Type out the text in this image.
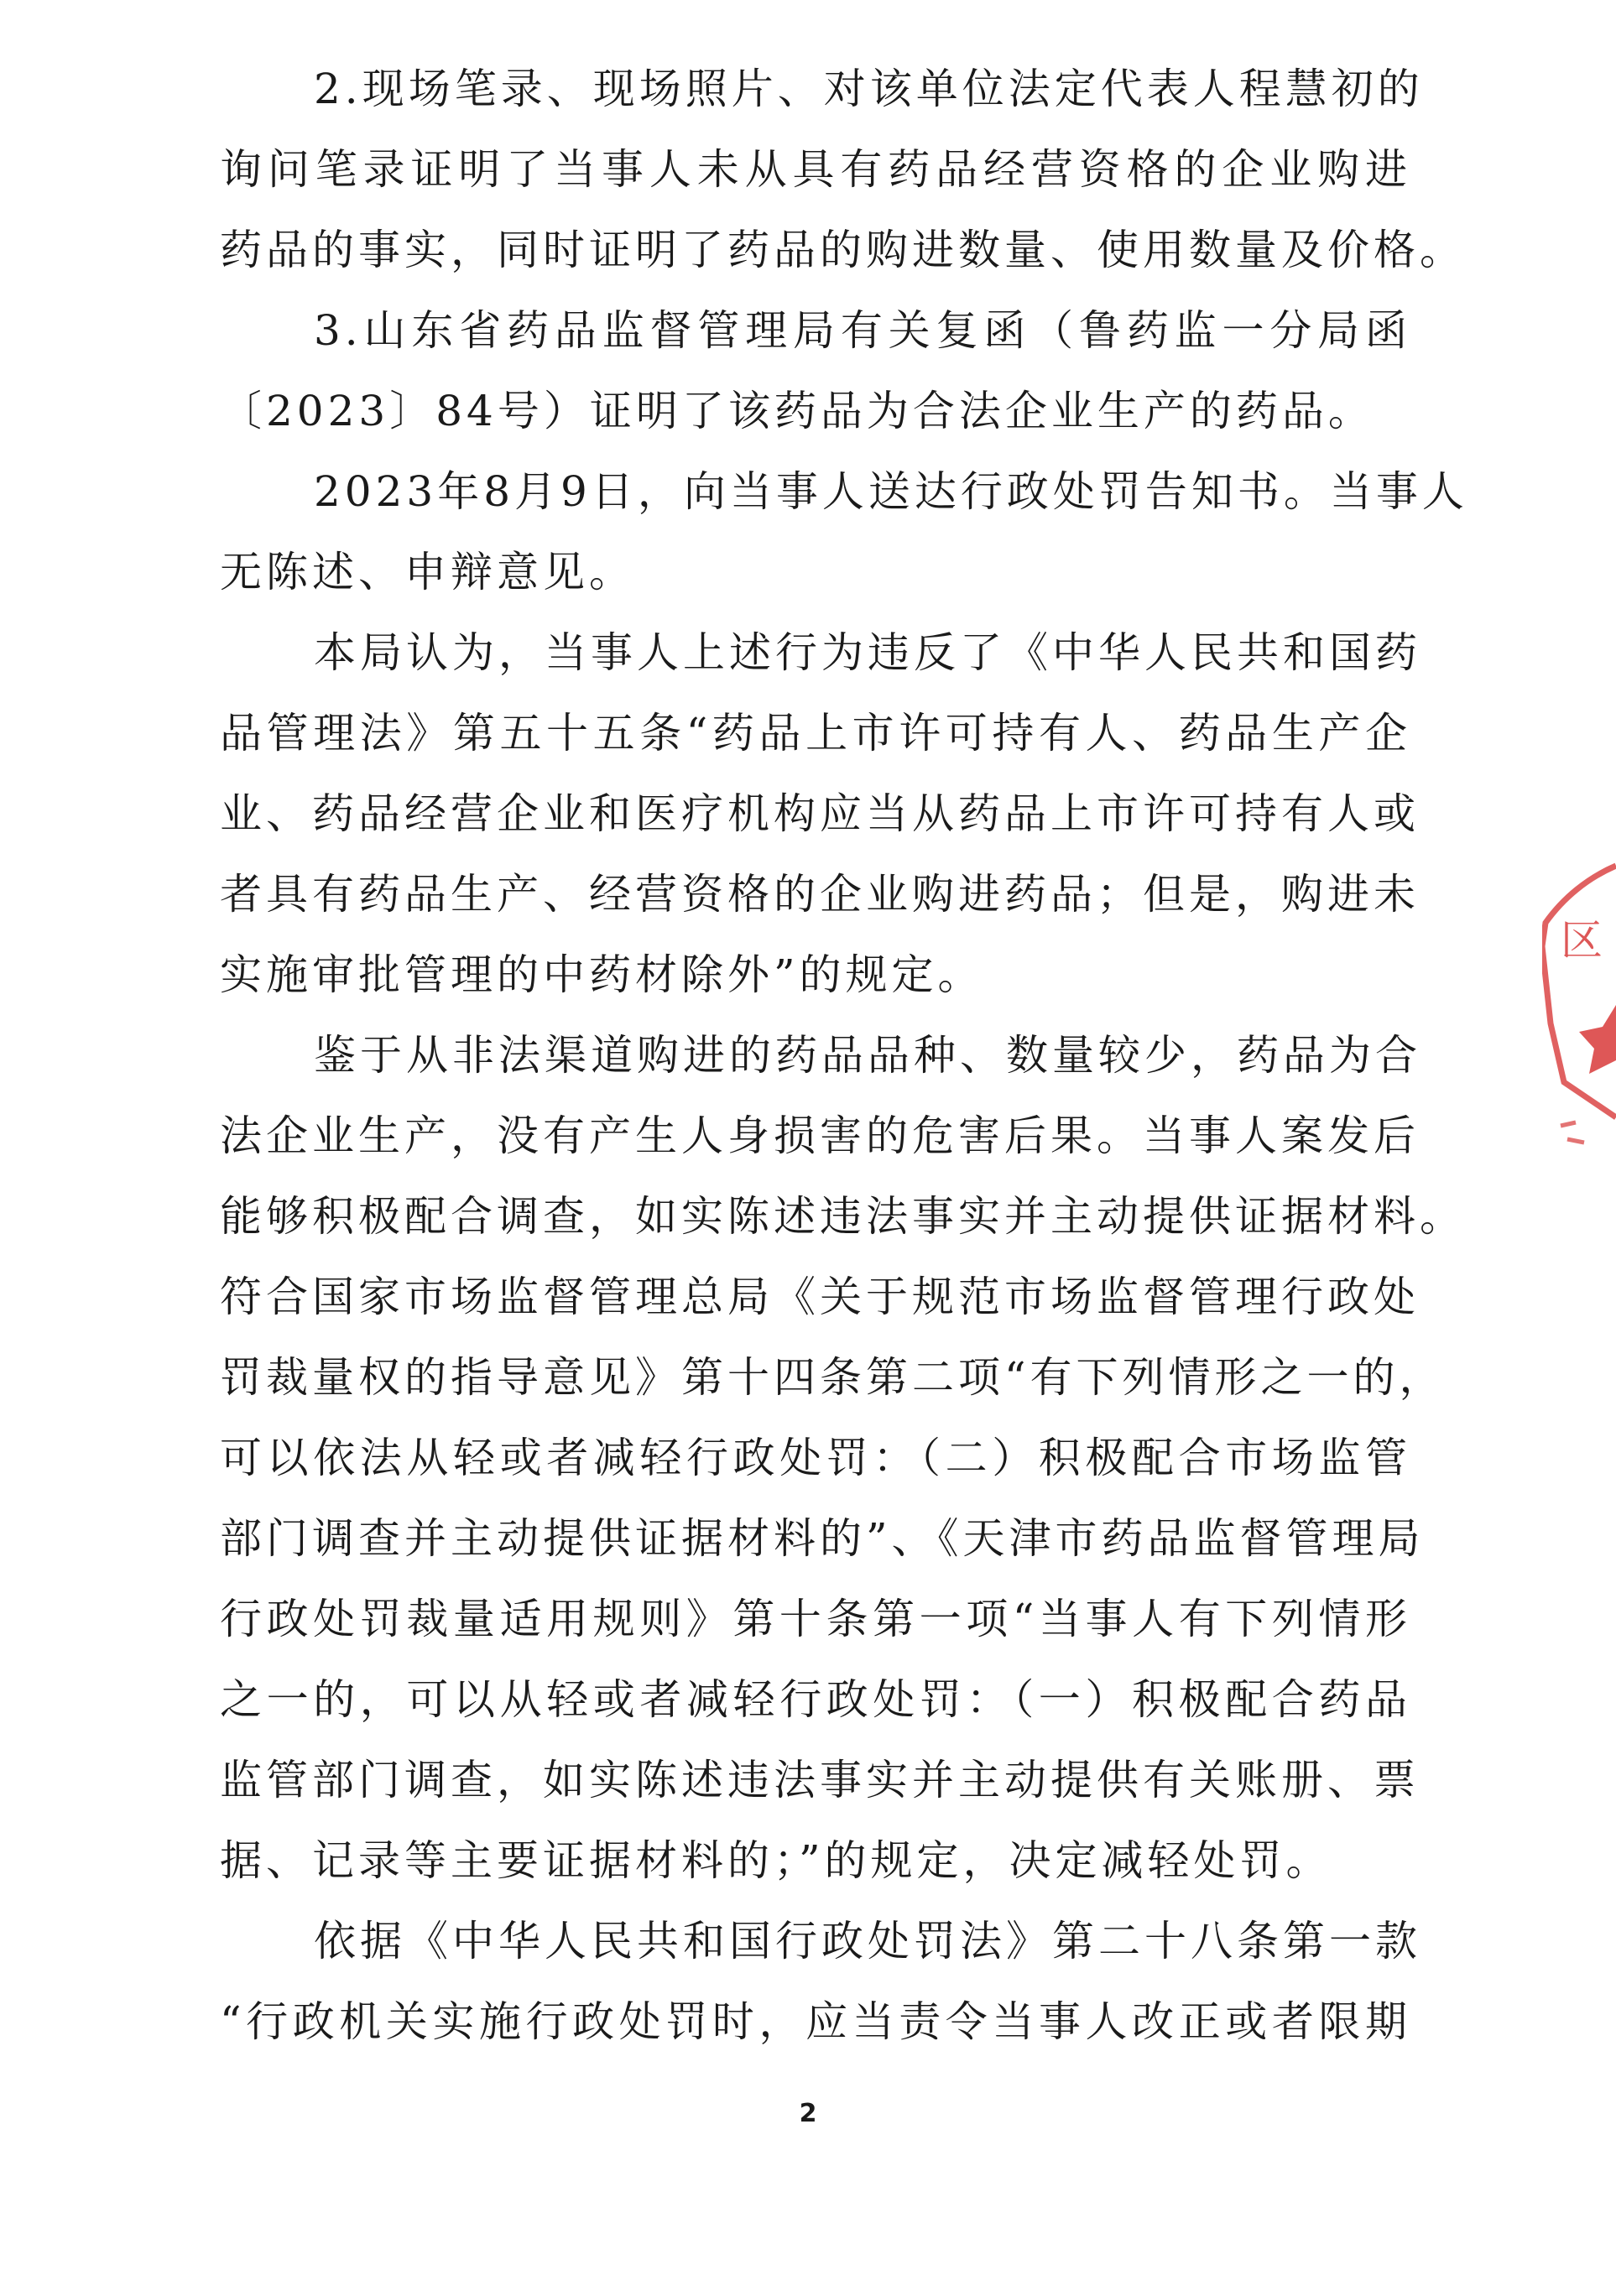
2.现场笔录、现场照片、对该单位法定代表人程慧初的
询问笔录证明了当事人未从具有药品经营资格的企业购进
药品的事实，同时证明了药品的购进数量、使用数量及价格。
3.山东省药品监督管理局有关复函（鲁药监一分局函
〔2023〕84号）证明了该药品为合法企业生产的药品。
2023年8月9日，向当事人送达行政处罚告知书。当事人
无陈述、申辩意见。
本局认为，当事人上述行为违反了《中华人民共和国药
品管理法》第五十五条“药品上市许可持有人、药品生产企
业、药品经营企业和医疗机构应当从药品上市许可持有人或
者具有药品生产、经营资格的企业购进药品；但是，购进未
实施审批管理的中药材除外”的规定。
鉴于从非法渠道购进的药品品种、数量较少，药品为合
法企业生产，没有产生人身损害的危害后果。当事人案发后
能够积极配合调查，如实陈述违法事实并主动提供证据材料。
符合国家市场监督管理总局《关于规范市场监督管理行政处
罚裁量权的指导意见》第十四条第二项“有下列情形之一的，
可以依法从轻或者减轻行政处罚：（二）积极配合市场监管
部门调查并主动提供证据材料的”、《天津市药品监督管理局
行政处罚裁量适用规则》第十条第一项“当事人有下列情形
之一的，可以从轻或者减轻行政处罚：（一）积极配合药品
监管部门调查，如实陈述违法事实并主动提供有关账册、票
据、记录等主要证据材料的；”的规定，决定减轻处罚。
依据《中华人民共和国行政处罚法》第二十八条第一款
“行政机关实施行政处罚时，应当责令当事人改正或者限期
2
区
